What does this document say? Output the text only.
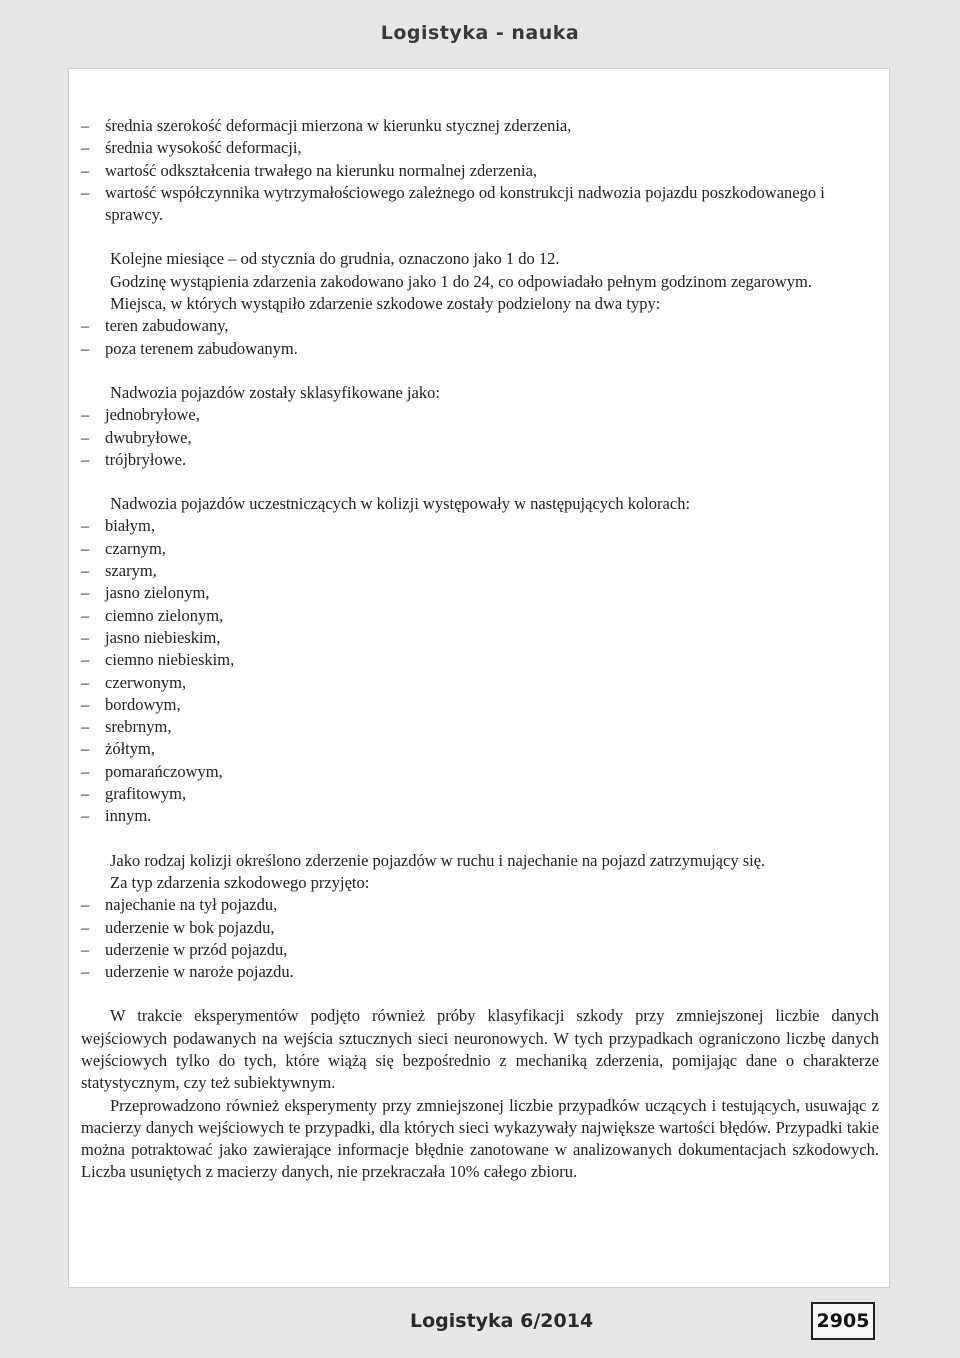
Logistyka - nauka
– średnia szerokość deformacji mierzona w kierunku stycznej zderzenia,
– średnia wysokość deformacji,
– wartość odkształcenia trwałego na kierunku normalnej zderzenia,
– wartość współczynnika wytrzymałościowego zależnego od konstrukcji nadwozia pojazdu poszkodowanego i sprawcy.
Kolejne miesiące – od stycznia do grudnia, oznaczono jako 1 do 12.
Godzinę wystąpienia zdarzenia zakodowano jako 1 do 24, co odpowiadało pełnym godzinom zegarowym.
Miejsca, w których wystąpiło zdarzenie szkodowe zostały podzielony na dwa typy:
– teren zabudowany,
– poza terenem zabudowanym.
Nadwozia pojazdów zostały sklasyfikowane jako:
– jednobryłowe,
– dwubryłowe,
– trójbryłowe.
Nadwozia pojazdów uczestniczących w kolizji występowały w następujących kolorach:
– białym,
– czarnym,
– szarym,
– jasno zielonym,
– ciemno zielonym,
– jasno niebieskim,
– ciemno niebieskim,
– czerwonym,
– bordowym,
– srebrnym,
– żółtym,
– pomarańczowym,
– grafitowym,
– innym.
Jako rodzaj kolizji określono zderzenie pojazdów w ruchu i najechanie na pojazd zatrzymujący się.
Za typ zdarzenia szkodowego przyjęto:
– najechanie na tył pojazdu,
– uderzenie w bok pojazdu,
– uderzenie w przód pojazdu,
– uderzenie w naroże pojazdu.
W trakcie eksperymentów podjęto również próby klasyfikacji szkody przy zmniejszonej liczbie danych wejściowych podawanych na wejścia sztucznych sieci neuronowych. W tych przypadkach ograniczono liczbę danych wejściowych tylko do tych, które wiążą się bezpośrednio z mechaniką zderzenia, pomijając dane o charakterze statystycznym, czy też subiektywnym.
Przeprowadzono również eksperymenty przy zmniejszonej liczbie przypadków uczących i testujących, usuwając z macierzy danych wejściowych te przypadki, dla których sieci wykazywały największe wartości błędów. Przypadki takie można potraktować jako zawierające informacje błędnie zanotowane w analizowanych dokumentacjach szkodowych. Liczba usuniętych z macierzy danych, nie przekraczała 10% całego zbioru.
Logistyka 6/2014	2905
